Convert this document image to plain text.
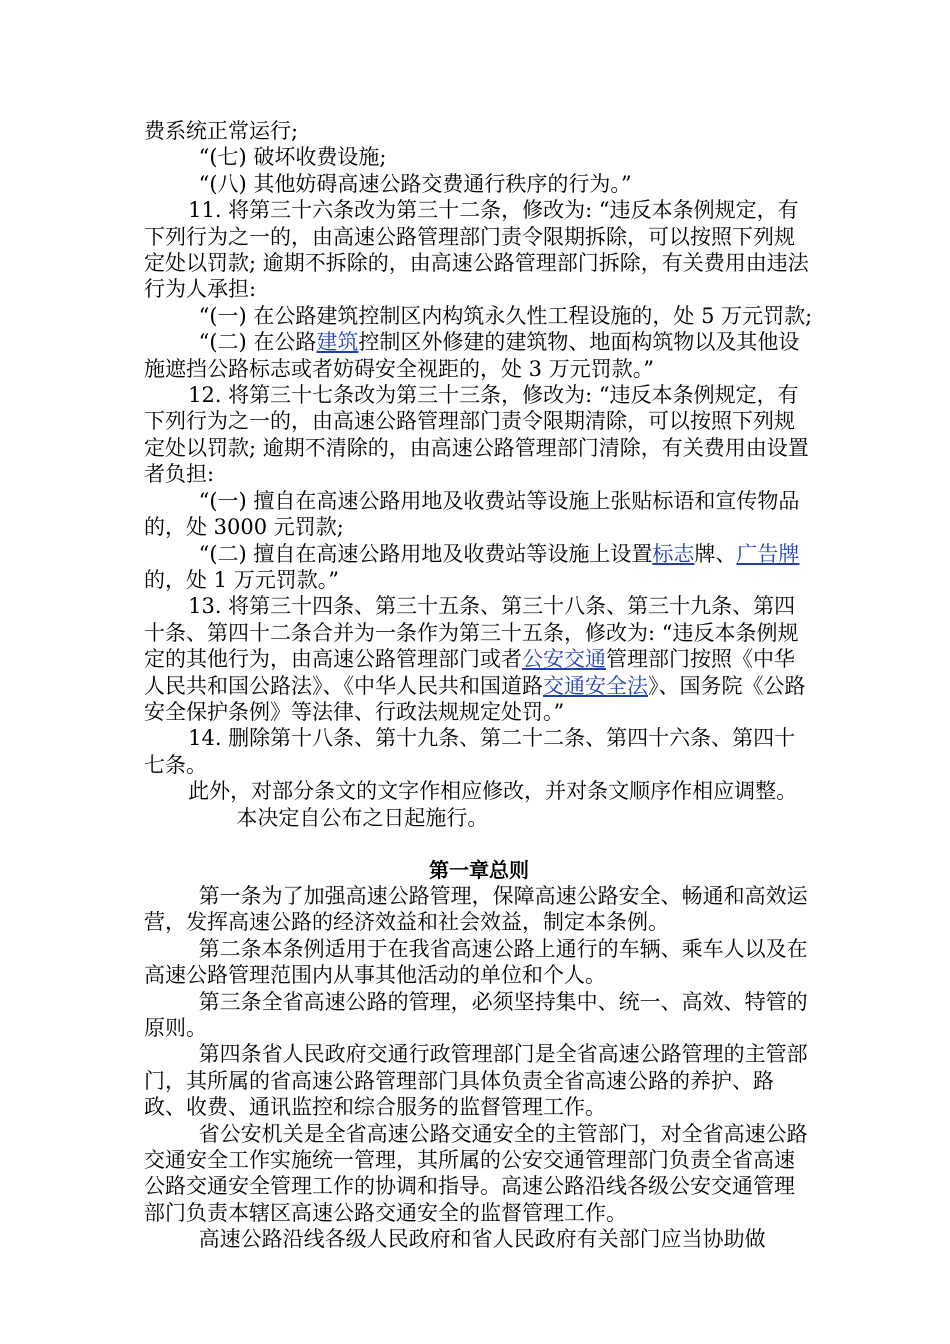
费系统正常运行;

“(七) 破坏收费设施;

“(八) 其他妨碍高速公路交费通行秩序的行为。”

11. 将第三十六条改为第三十二条，修改为: “违反本条例规定，有下列行为之一的，由高速公路管理部门责令限期拆除，可以按照下列规定处以罚款; 逾期不拆除的，由高速公路管理部门拆除，有关费用由违法行为人承担:

“(一) 在公路建筑控制区内构筑永久性工程设施的，处 5 万元罚款;

“(二) 在公路建筑控制区外修建的建筑物、地面构筑物以及其他设施遮挡公路标志或者妨碍安全视距的，处 3 万元罚款。”

12. 将第三十七条改为第三十三条，修改为: “违反本条例规定，有下列行为之一的，由高速公路管理部门责令限期清除，可以按照下列规定处以罚款; 逾期不清除的，由高速公路管理部门清除，有关费用由设置者负担:

“(一) 擅自在高速公路用地及收费站等设施上张贴标语和宣传物品的，处 3000 元罚款;

“(二) 擅自在高速公路用地及收费站等设施上设置标志牌、广告牌的，处 1 万元罚款。”

13. 将第三十四条、第三十五条、第三十八条、第三十九条、第四十条、第四十二条合并为一条作为第三十五条，修改为: “违反本条例规定的其他行为，由高速公路管理部门或者公安交通管理部门按照《中华人民共和国公路法》、《中华人民共和国道路交通安全法》、国务院《公路安全保护条例》等法律、行政法规规定处罚。”

14. 删除第十八条、第十九条、第二十二条、第四十六条、第四十七条。

此外，对部分条文的文字作相应修改，并对条文顺序作相应调整。

本决定自公布之日起施行。

第一章总则

第一条为了加强高速公路管理，保障高速公路安全、畅通和高效运营，发挥高速公路的经济效益和社会效益，制定本条例。

第二条本条例适用于在我省高速公路上通行的车辆、乘车人以及在高速公路管理范围内从事其他活动的单位和个人。

第三条全省高速公路的管理，必须坚持集中、统一、高效、特管的原则。

第四条省人民政府交通行政管理部门是全省高速公路管理的主管部门，其所属的省高速公路管理部门具体负责全省高速公路的养护、路政、收费、通讯监控和综合服务的监督管理工作。

省公安机关是全省高速公路交通安全的主管部门，对全省高速公路交通安全工作实施统一管理，其所属的公安交通管理部门负责全省高速公路交通安全管理工作的协调和指导。高速公路沿线各级公安交通管理部门负责本辖区高速公路交通安全的监督管理工作。

高速公路沿线各级人民政府和省人民政府有关部门应当协助做
